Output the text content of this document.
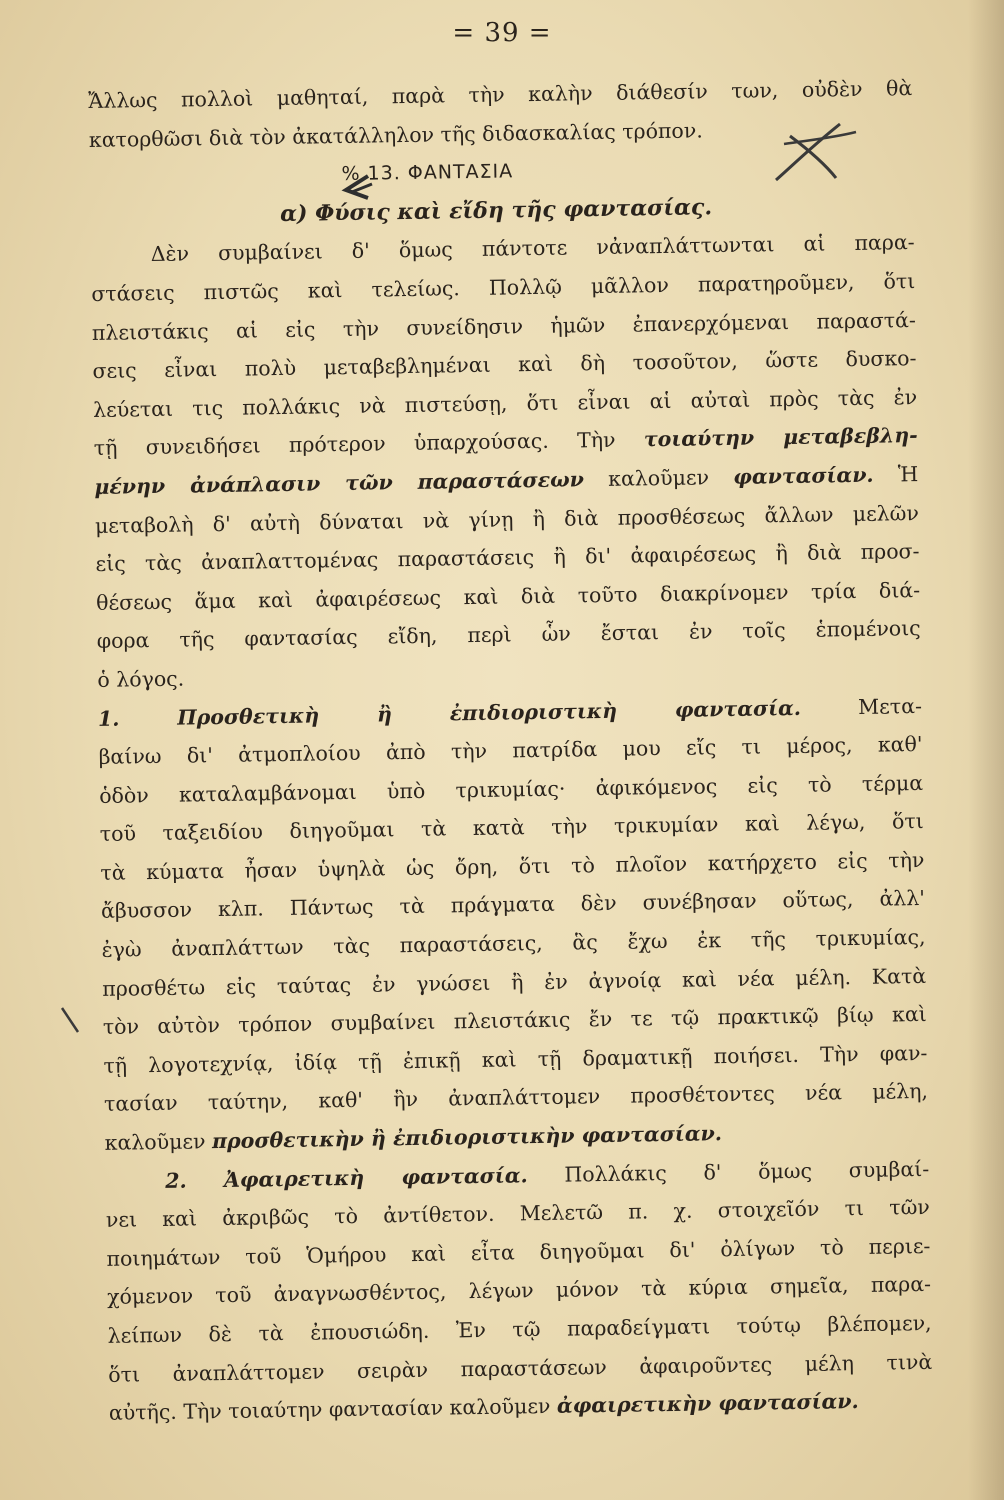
= 39 =
Ἄλλως πολλοὶ μαθηταί, παρὰ τὴν καλὴν διάθεσίν των, οὐδὲν θὰ
κατορθῶσι διὰ τὸν ἀκατάλληλον τῆς διδασκαλίας τρόπον.
% 13. ΦΑΝΤΑΣΙΑ
α) Φύσις καὶ εἴδη τῆς φαντασίας.
Δὲν συμβαίνει δ' ὅμως πάντοτε νἀναπλάττωνται αἱ παρα-
στάσεις πιστῶς καὶ τελείως. Πολλῷ μᾶλλον παρατηροῦμεν, ὅτι
πλειστάκις αἱ εἰς τὴν συνείδησιν ἡμῶν ἐπανερχόμεναι παραστά-
σεις εἶναι πολὺ μεταβεβλημέναι καὶ δὴ τοσοῦτον, ὥστε δυσκο-
λεύεται τις πολλάκις νὰ πιστεύσῃ, ὅτι εἶναι αἱ αὐταὶ πρὸς τὰς ἐν
τῇ συνειδήσει πρότερον ὑπαρχούσας. Τὴν τοιαύτην μεταβεβλη-
μένην ἀνάπλασιν τῶν παραστάσεων καλοῦμεν φαντασίαν. Ἡ
μεταβολὴ δ' αὐτὴ δύναται νὰ γίνῃ ἢ διὰ προσθέσεως ἄλλων μελῶν
εἰς τὰς ἀναπλαττομένας παραστάσεις ἢ δι' ἀφαιρέσεως ἢ διὰ προσ-
θέσεως ἅμα καὶ ἀφαιρέσεως καὶ διὰ τοῦτο διακρίνομεν τρία διά-
φορα τῆς φαντασίας εἴδη, περὶ ὧν ἔσται ἐν τοῖς ἑπομένοις
ὁ λόγος.
1. Προσθετικὴ ἢ ἐπιδιοριστικὴ φαντασία.	Μετα-
βαίνω δι' ἀτμοπλοίου ἀπὸ τὴν πατρίδα μου εἴς τι μέρος, καθ'
ὁδὸν καταλαμβάνομαι ὑπὸ τρικυμίας· ἀφικόμενος εἰς τὸ τέρμα
τοῦ ταξειδίου διηγοῦμαι τὰ κατὰ τὴν τρικυμίαν καὶ λέγω, ὅτι
τὰ κύματα ἦσαν ὑψηλὰ ὡς ὄρη, ὅτι τὸ πλοῖον κατήρχετο εἰς τὴν
ἄβυσσον κλπ. Πάντως τὰ πράγματα δὲν συνέβησαν οὕτως, ἀλλ'
ἐγὼ ἀναπλάττων τὰς παραστάσεις, ἃς ἔχω ἐκ τῆς τρικυμίας,
προσθέτω εἰς ταύτας ἐν γνώσει ἢ ἐν ἀγνοίᾳ καὶ νέα μέλη. Κατὰ
τὸν αὐτὸν τρόπον συμβαίνει πλειστάκις ἔν τε τῷ πρακτικῷ βίῳ καὶ
τῇ λογοτεχνίᾳ, ἰδίᾳ τῇ ἐπικῇ καὶ τῇ δραματικῇ ποιήσει. Τὴν φαν-
τασίαν ταύτην, καθ' ἣν ἀναπλάττομεν προσθέτοντες νέα μέλη,
καλοῦμεν προσθετικὴν ἢ ἐπιδιοριστικὴν φαντασίαν.
2. Ἀφαιρετικὴ φαντασία. Πολλάκις δ' ὅμως συμβαί-
νει καὶ ἀκριβῶς τὸ ἀντίθετον. Μελετῶ π. χ. στοιχεῖόν τι τῶν
ποιημάτων τοῦ Ὁμήρου καὶ εἶτα διηγοῦμαι δι' ὀλίγων τὸ περιε-
χόμενον τοῦ ἀναγνωσθέντος, λέγων μόνον τὰ κύρια σημεῖα, παρα-
λείπων δὲ τὰ ἐπουσιώδη. Ἐν τῷ παραδείγματι τούτῳ βλέπομεν,
ὅτι ἀναπλάττομεν σειρὰν παραστάσεων ἀφαιροῦντες μέλη τινὰ
αὐτῆς. Τὴν τοιαύτην φαντασίαν καλοῦμεν ἀφαιρετικὴν φαντασίαν.
